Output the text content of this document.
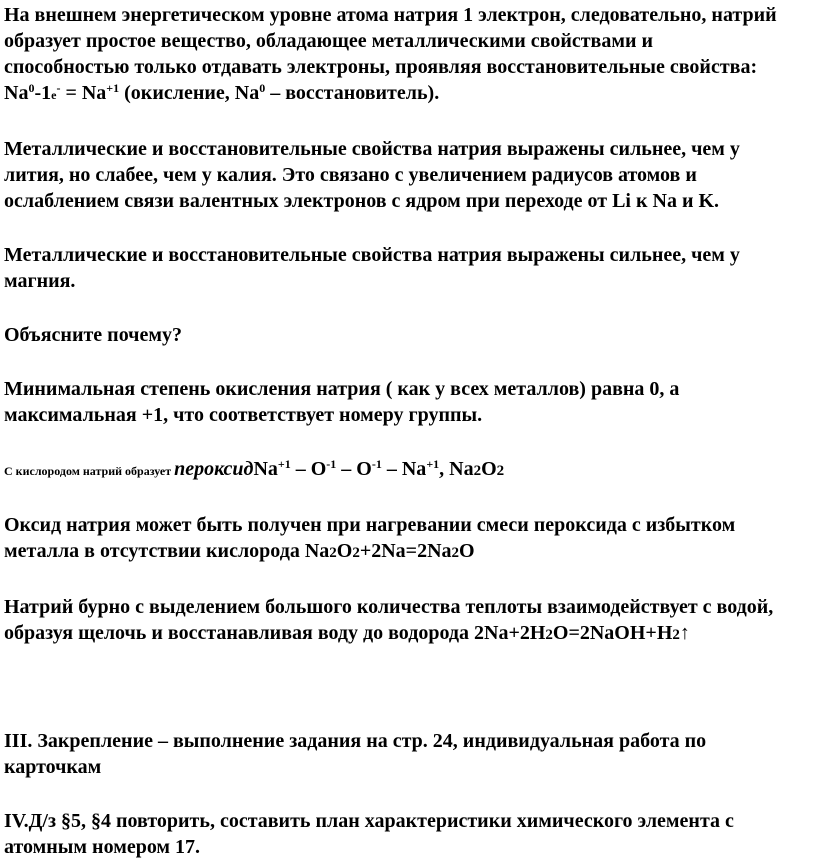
На внешнем энергетическом уровне атома натрия 1 электрон, следовательно, натрий

образует простое вещество, обладающее металлическими свойствами и

способностью только отдавать электроны, проявляя восстановительные свойства:

$Na^0-1e^- = Na^{+1}$ (окисление, Na$^0$ – восстановитель).

Металлические и восстановительные свойства натрия выражены сильнее, чем у

лития, но слабее, чем у калия. Это связано с увеличением радиусов атомов и

ослаблением связи валентных электронов с ядром при переходе от Li к Na и K.

Металлические и восстановительные свойства натрия выражены сильнее, чем у

магния.

Объясните почему?

Минимальная степень окисления натрия ( как у всех металлов) равна 0, а

максимальная +1, что соответствует номеру группы.

С кислородом натрий образует пероксидNa$^{+1}$ – $O^{-1} - O^{-1} - Na^{+1}$, Na2O2

Оксид натрия может быть получен при нагревании смеси пероксида с избытком

металла в отсутствии кислорода Na2O2+2Na=2Na2O

Натрий бурно с выделением большого количества теплоты взаимодействует с водой,

образуя щелочь и восстанавливая воду до водорода 2Na+2H2O=2NaOH+H2↑

III. Закрепление – выполнение задания на стр. 24, индивидуальная работа по

карточкам

IV.Д/з §5, §4 повторить, составить план характеристики химического элемента с

атомным номером 17.
